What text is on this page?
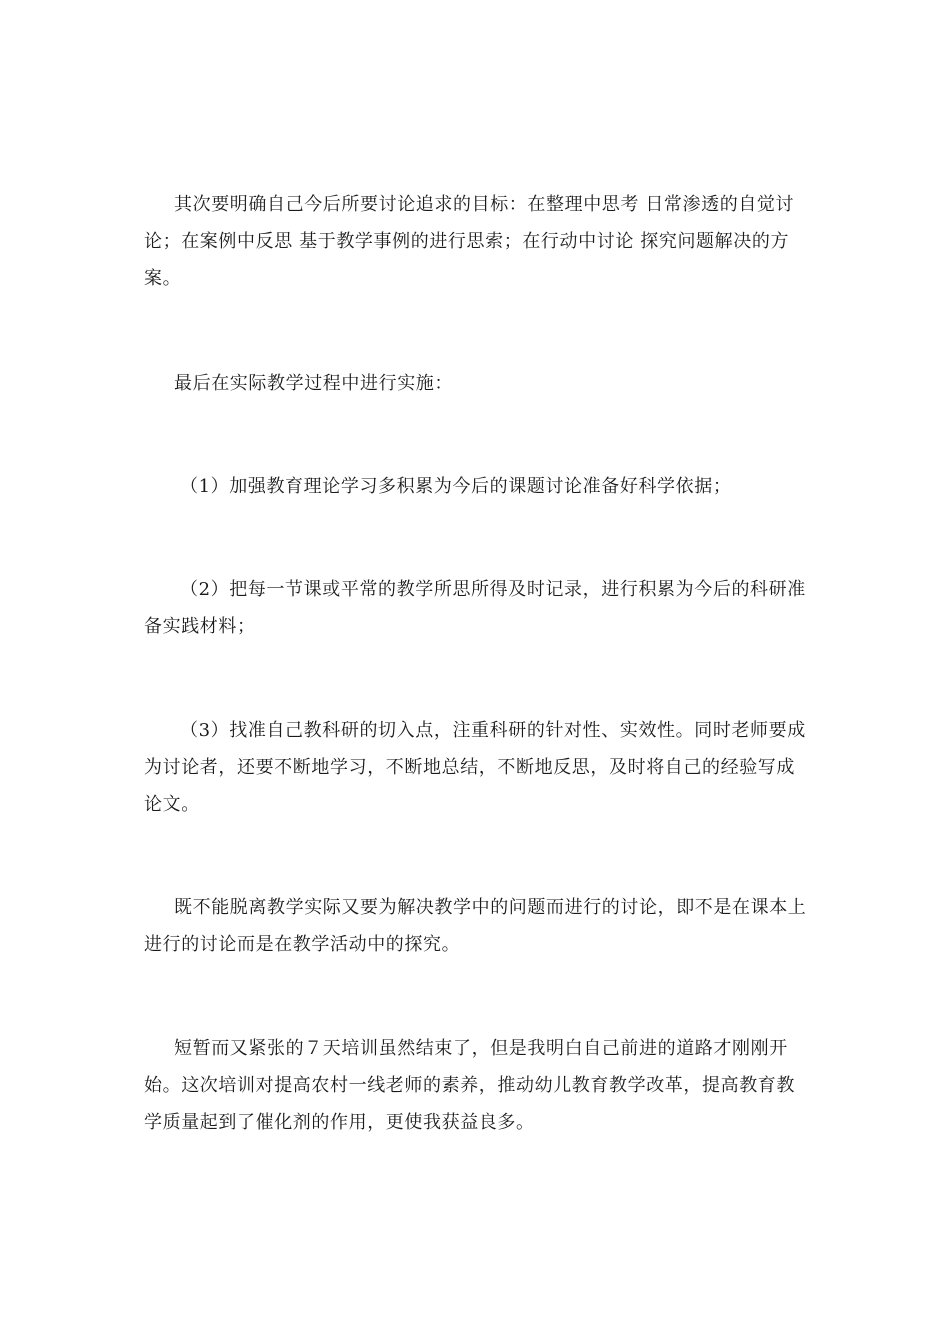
其次要明确自己今后所要讨论追求的目标：在整理中思考 日常渗透的自觉讨论；在案例中反思 基于教学事例的进行思索；在行动中讨论 探究问题解决的方案。

最后在实际教学过程中进行实施：

（1）加强教育理论学习多积累为今后的课题讨论准备好科学依据；

（2）把每一节课或平常的教学所思所得及时记录，进行积累为今后的科研准备实践材料；

（3）找准自己教科研的切入点，注重科研的针对性、实效性。同时老师要成为讨论者，还要不断地学习，不断地总结，不断地反思，及时将自己的经验写成论文。

既不能脱离教学实际又要为解决教学中的问题而进行的讨论，即不是在课本上进行的讨论而是在教学活动中的探究。

短暂而又紧张的７天培训虽然结束了，但是我明白自己前进的道路才刚刚开始。这次培训对提高农村一线老师的素养，推动幼儿教育教学改革，提高教育教学质量起到了催化剂的作用，更使我获益良多。
